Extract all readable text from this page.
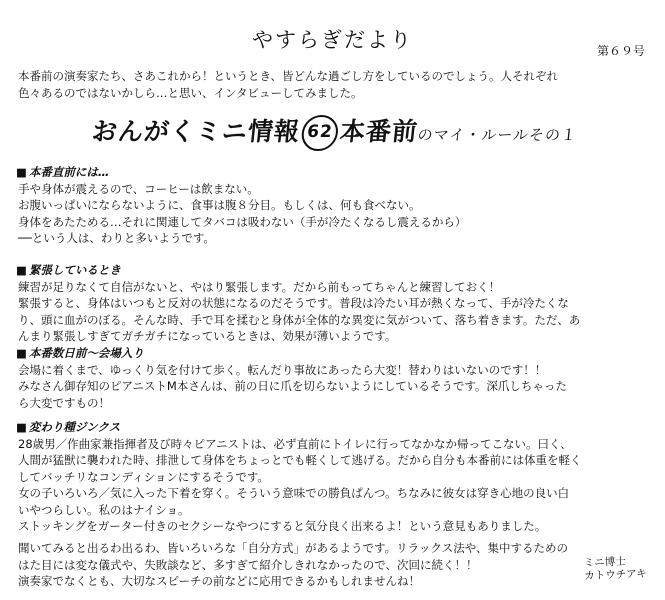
やすらぎだより	第６９号
本番前の演奏家たち、さあこれから！というとき、皆どんな過ごし方をしているのでしょう。人それぞれ
色々あるのではないかしら…と思い、インタビューしてみました。
おんがくミニ情報 62 本番前のマイ・ルールその１
■ 本番直前には…
手や身体が震えるので、コーヒーは飲まない。
お腹いっぱいにならないように、食事は腹８分目。もしくは、何も食べない。
身体をあたためる…それに関連してタバコは吸わない（手が冷たくなるし震えるから）
──という人は、わりと多いようです。
■ 緊張しているとき
練習が足りなくて自信がないと、やはり緊張します。だから前もってちゃんと練習しておく！
緊張すると、身体はいつもと反対の状態になるのだそうです。普段は冷たい耳が熱くなって、手が冷たくな
り、頭に血がのぼる。そんな時、手で耳を揉むと身体が全体的な異変に気がついて、落ち着きます。ただ、あ
んまり緊張しすぎてガチガチになっているときは、効果が薄いようです。
■ 本番数日前～会場入り
会場に着くまで、ゆっくり気を付けて歩く。転んだり事故にあったら大変！替わりはいないのです！！
みなさん御存知のピアニストM本さんは、前の日に爪を切らないようにしているそうです。深爪しちゃった
ら大変ですもの！
■ 変わり種ジンクス
28歳男／作曲家兼指揮者及び時々ピアニストは、必ず直前にトイレに行ってなかなか帰ってこない。曰く、
人間が猛獣に襲われた時、排泄して身体をちょっとでも軽くして逃げる。だから自分も本番前には体重を軽く
してバッチリなコンディションにするそうです。
女の子いろいろ／気に入った下着を穿く。そういう意味での勝負ぱんつ。ちなみに彼女は穿き心地の良い白
いやつらしい。私のはナイショ。
ストッキングをガーター付きのセクシーなやつにすると気分良く出来るよ！という意見もありました。
聞いてみると出るわ出るわ、皆いろいろな「自分方式」があるようです。リラックス法や、集中するための
はた目には変な儀式や、失敗談など、多すぎて紹介しきれなかったので、次回に続く！！
演奏家でなくとも、大切なスピーチの前などに応用できるかもしれませんね！
ミニ博士
カトウチアキ
